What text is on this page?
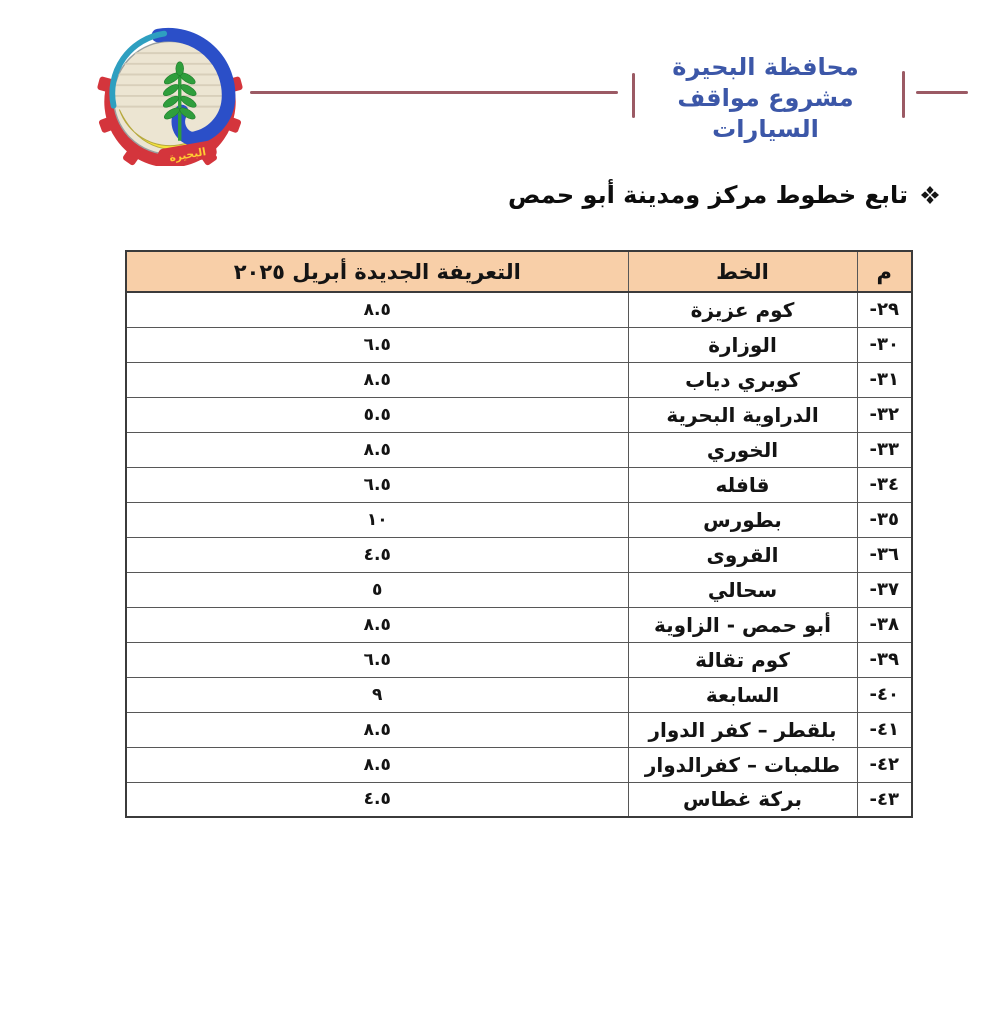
البحيرة
محافظة البحيرة
مشروع مواقف السيارات
تابع خطوط مركز ومدينة أبو حمص
م	الخط	التعريفة الجديدة أبريل ٢٠٢٥
٢٩-	كوم عزيزة	٨.٥
٣٠-	الوزارة	٦.٥
٣١-	كوبري دياب	٨.٥
٣٢-	الدراوية البحرية	٥.٥
٣٣-	الخوري	٨.٥
٣٤-	قافله	٦.٥
٣٥-	بطورس	١٠
٣٦-	القروى	٤.٥
٣٧-	سحالي	٥
٣٨-	أبو حمص - الزاوية	٨.٥
٣٩-	كوم تقالة	٦.٥
٤٠-	السابعة	٩
٤١-	بلقطر – كفر الدوار	٨.٥
٤٢-	طلمبات – كفرالدوار	٨.٥
٤٣-	بركة غطاس	٤.٥
